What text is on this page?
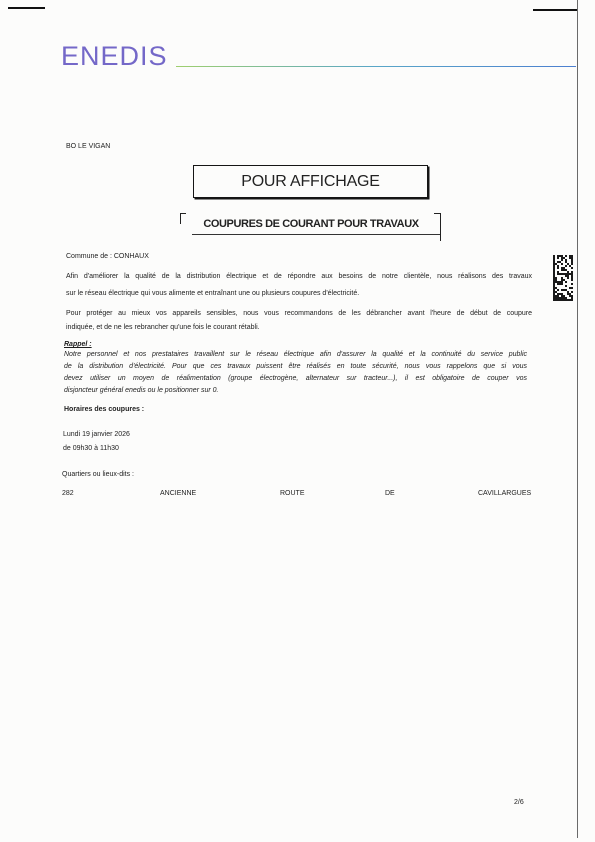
ENEDIS
BO LE VIGAN
POUR AFFICHAGE
COUPURES DE COURANT POUR TRAVAUX
Commune de : CONHAUX
Afin d'améliorer la qualité de la distribution électrique et de répondre aux besoins de notre clientèle, nous réalisons des travaux
sur le réseau électrique qui vous alimente et entraînant une ou plusieurs coupures d'électricité.
Pour protéger au mieux vos appareils sensibles, nous vous recommandons de les débrancher avant l'heure de début de coupure
indiquée, et de ne les rebrancher qu'une fois le courant rétabli.
Rappel :
Notre personnel et nos prestataires travaillent sur le réseau électrique afin d'assurer la qualité et la continuité du service public
de la distribution d'électricité. Pour que ces travaux puissent être réalisés en toute sécurité, nous vous rappelons que si vous
devez utiliser un moyen de réalimentation (groupe électrogène, alternateur sur tracteur...), il est obligatoire de couper vos
disjoncteur général enedis ou le positionner sur 0.
Horaires des coupures :
Lundi 19 janvier 2026
de 09h30 à 11h30
Quartiers ou lieux-dits :
282	ANCIENNE	ROUTE	DE	CAVILLARGUES
2/6
